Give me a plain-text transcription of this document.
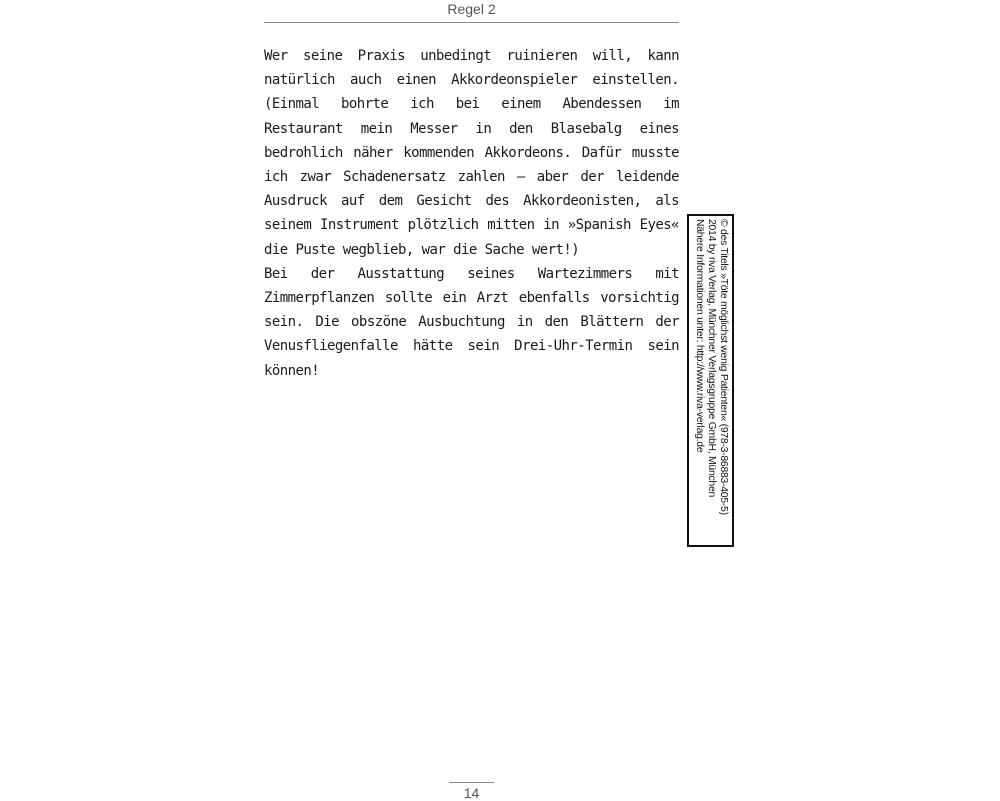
Regel 2

Wer seine Praxis unbedingt ruinieren will, kann natürlich auch einen Akkordeonspieler einstellen. (Einmal bohrte ich bei einem Abendessen im Restaurant mein Messer in den Blasebalg eines bedrohlich näher kommenden Akkordeons. Dafür musste ich zwar Schadenersatz zahlen – aber der leidende Ausdruck auf dem Gesicht des Akkordeonisten, als seinem Instrument plötzlich mitten in »Spanish Eyes« die Puste wegblieb, war die Sache wert!)

Bei der Ausstattung seines Wartezimmers mit Zimmerpflanzen sollte ein Arzt ebenfalls vorsichtig sein. Die obszöne Ausbuchtung in den Blättern der Venusfliegenfalle hätte sein Drei-Uhr-Termin sein können!	© des Titels »Töte möglichst wenig Patienten« (978-3-86883-405-5)
2014 by riva Verlag, Münchner Verlagsgruppe GmbH, München
Nähere Informationen unter: http://www.riva-verlag.de
14
